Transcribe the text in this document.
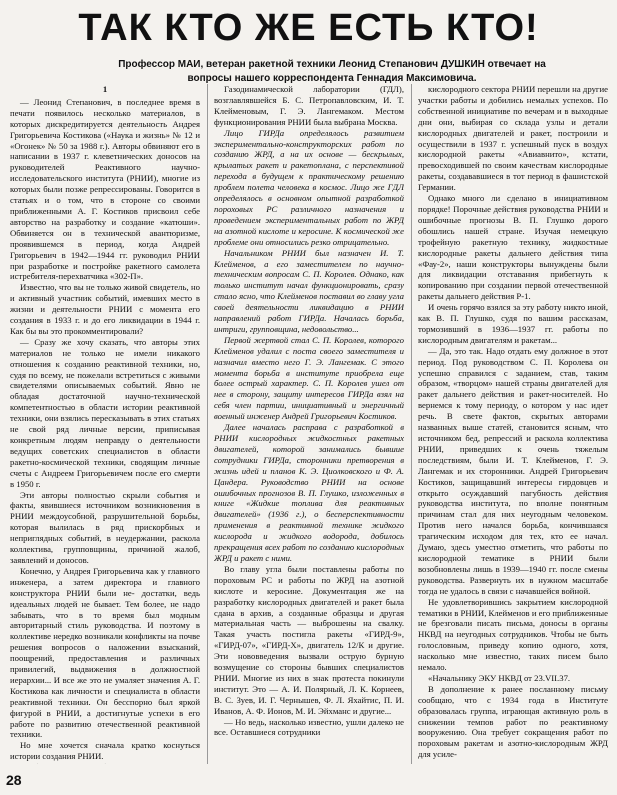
ТАК КТО ЖЕ ЕСТЬ КТО!
Профессор МАИ, ветеран ракетной техники Леонид Степанович ДУШКИН отвечает на вопросы нашего корреспондента Геннадия Максимовича.

1

— Леонид Степанович, в последнее время в печати появилось несколько материалов, в которых дискредитируется деятельность Андрея Григорьевича Костикова («Наука и жизнь» № 12 и «Огонек» № 50 за 1988 г.). Авторы обвиняют его в написании в 1937 г. клеветнических доносов на руководителей Реактивного научно-исследовательского института (РНИИ), многие из которых были позже репрессированы. Говорится в статьях и о том, что в стороне со своими приближенными А. Г. Костиков присвоил себе авторство на разработку и создание «катюши». Обвиняется он в технической авантюризме, проявившемся в период, когда Андрей Григорьевич в 1942—1944 гг. руководил РНИИ при разработке и постройке ракетного самолета истребителя-перехватчика «302-П».

Известно, что вы не только живой свидетель, но и активный участник событий, имевших место в жизни и деятельности РНИИ с момента его создания в 1933 г. и до его ликвидации в 1944 г. Как бы вы это прокомментировали?

— Сразу же хочу сказать, что авторы этих материалов не только не имели никакого отношения к созданию реактивной техники, но, судя по всему, не пожелали встретиться с живыми свидетелями описываемых событий. Явно не обладая достаточной научно-технической компетентностью в области истории реактивной техники, они взялись пересказывать в этих статьях не свой ряд личные версии, приписывая конкретным людям неправду о деятельности ведущих советских специалистов в области ракетно-космической техники, сводящим личные счеты с Андреем Григорьевичем после его смерти в 1950 г.

Эти авторы полностью скрыли события и факты, явившиеся источником возникновения в РНИИ междоусобной, разрушительной борьбы, которая вылилась в ряд прискорбных и неприглядных событий, в неудержании, раскола коллектива, групповщины, причиной жалоб, заявлений и доносов.

Конечно, у Андрея Григорьевича как у главного инженера, а затем директора и главного конструктора РНИИ были не- достатки, ведь идеальных людей не бывает. Тем более, не надо забывать, что в то время был модным авторитарный стиль руководства. И поэтому в коллективе нередко возникали конфликты на почве решения вопросов о наложении взысканий, поощрений, предоставления и различных привилегий, выдвижения в должностной иерархии... И все же это не умаляет значения А. Г. Костикова как личности и специалиста в области реактивной техники. Он бесспорно был яркой фигурой в РНИИ, а достигнутые успехи в его работе по развитию отечественной реактивной техники.

Но мне хочется сначала кратко коснуться истории создания РНИИ.

Газодинамической лаборатории (ГДЛ), возглавлявшейся Б. С. Петропавловским, И. Т. Клейменовым, Г. Э. Лангемаком. Местом функционирования РНИИ была выбрана Москва.

Лицо ГИРДа определялось развитием экспериментально-конструкторских работ по созданию ЖРД, а на их основе — бескрылых, крылатых ракет и ракетоплана, с перспективой перехода в будущем к практическому решению проблем полета человека в космос. Лицо же ГДЛ определялось в основном опытной разработкой пороховых РС различного назначения и проведением экспериментальных работ по ЖРД на азотной кислоте и керосине. К космической же проблеме они относились резко отрицательно.

Начальником РНИИ был назначен И. Т. Клейменов, а его заместителем по научно-техническим вопросам С. П. Королев. Однако, как только институт начал функционировать, сразу стало ясно, что Клейменов поставил во главу угла своей деятельности ликвидацию в РНИИ направлений работ ГИРДа. Началась борьба, интриги, групповщина, недовольство...

Первой жертвой стал С. П. Королев, которого Клейменов удалил с поста своего заместителя и назначил вместо него Г. Э. Лангемак. С этого момента борьба в институте приобрела еще более острый характер. С. П. Королев ушел от нее в сторону, защиту интересов ГИРДа взял на себя член партии, инициативный и энергичный военный инженер Андрей Григорьевич Костиков.

Далее началась расправа с разработкой в РНИИ кислородных жидкостных ракетных двигателей, которой занимались бывшие сотрудники ГИРДа, сторонники претворения в жизнь идей и планов К. Э. Циолковского и Ф. А. Цандера. Руководство РНИИ на основе ошибочных прогнозов В. П. Глушко, изложенных в книге «Жидкие топлива для реактивных двигателей» (1936 г.), о бесперспективности применения в реактивной технике жидкого кислорода и жидкого водорода, добилось прекращения всех работ по созданию кислородных ЖРД и ракет с ними.

Во главу угла были поставлены работы по пороховым РС и работы по ЖРД на азотной кислоте и керосине. Документация же на разработку кислородных двигателей и ракет была сдана в архив, а созданные образцы и другая материальная часть — выброшены на свалку. Такая участь постигла ракеты «ГИРД-9», «ГИРД-07», «ГИРД-Х», двигатель 12/К и другие. Эти нововведения вызвали острую бурную возмущение со стороны бывших специалистов РНИИ. Многие из них в знак протеста покинули институт. Это — А. И. Полярный, Л. К. Корнеев, В. С. Зуев, И. Г. Чернышев, Ф. Л. Яхайтис, П. И. Иванов, А. Ф. Ионов, М. И. Эйхманс и другие...

— Но ведь, насколько известно, ушли далеко не все. Оставшиеся сотрудники

кислородного сектора РНИИ перешли на другие участки работы и добились немалых успехов. По собственной инициативе по вечерам и в выходные дни они, выбирая со склада узлы и детали кислородных двигателей и ракет, построили и осуществили в 1937 г. успешный пуск в воздух кислородной ракеты «Авиавнито», кстати, превосходившей по своим качествам кислородные ракеты, создававшиеся в тот период в фашистской Германии.

Однако много ли сделано в инициативном порядке! Порочные действия руководства РНИИ и ошибочные прогнозы В. П. Глушко дорого обошлись нашей стране. Изучая немецкую трофейную ракетную технику, жидкостные кислородные ракеты дальнего действия типа «Фау-2», наши конструкторы вынуждены были для ликвидации отставания прибегнуть к копированию при создании первой отечественной ракеты дальнего действия Р-1.

И очень горячо взялся за эту работу никто иной, как В. П. Глушко, судя по вашим рассказам, тормозивший в 1936—1937 гг. работы по кислородным двигателям и ракетам...

— Да, это так. Надо отдать ему должное в этот период. Под руководством С. П. Королева он успешно справился с заданием, став, таким образом, «творцом» нашей страны двигателей для ракет дальнего действия и ракет-носителей. Но вернемся к тому периоду, о котором у нас идет речь. В свете фактов, скрытых авторами названных выше статей, становится ясным, что источником бед, репрессий и раскола коллектива РНИИ, приведших к очень тяжелым последствиям, были И. Т. Клейменов, Г. Э. Лангемак и их сторонники. Андрей Григорьевич Костиков, защищавший интересы гирдовцев и открыто осуждавший пагубность действия руководства института, по вполне понятным причинам стал для них неугодным человеком. Против него начался борьба, кончившаяся трагическим исходом для тех, кто ее начал. Думаю, здесь уместно отметить, что работы по кислородной тематике в РНИИ были возобновлены лишь в 1939—1940 гг. после смены руководства. Развернуть их в нужном масштабе тогда не удалось в связи с начавшейся войной.

Не удовлетворившись закрытием кислородной тематики в РНИИ, Клейменов и его приближенные не брезговали писать письма, доносы в органы НКВД на неугодных сотрудников. Чтобы не быть голословным, приведу копию одного, хотя, насколько мне известно, таких писем было немало.

«Начальнику ЭКУ НКВД от 23.VII.37.

В дополнение к ранее посланному письму сообщаю, что с 1934 года в Институте образовалась группа, играющая активную роль в снижении темпов работ по реактивному вооружению. Она требует сокращения работ по пороховым ракетам и азотно-кислородным ЖРД для усиле-

28
